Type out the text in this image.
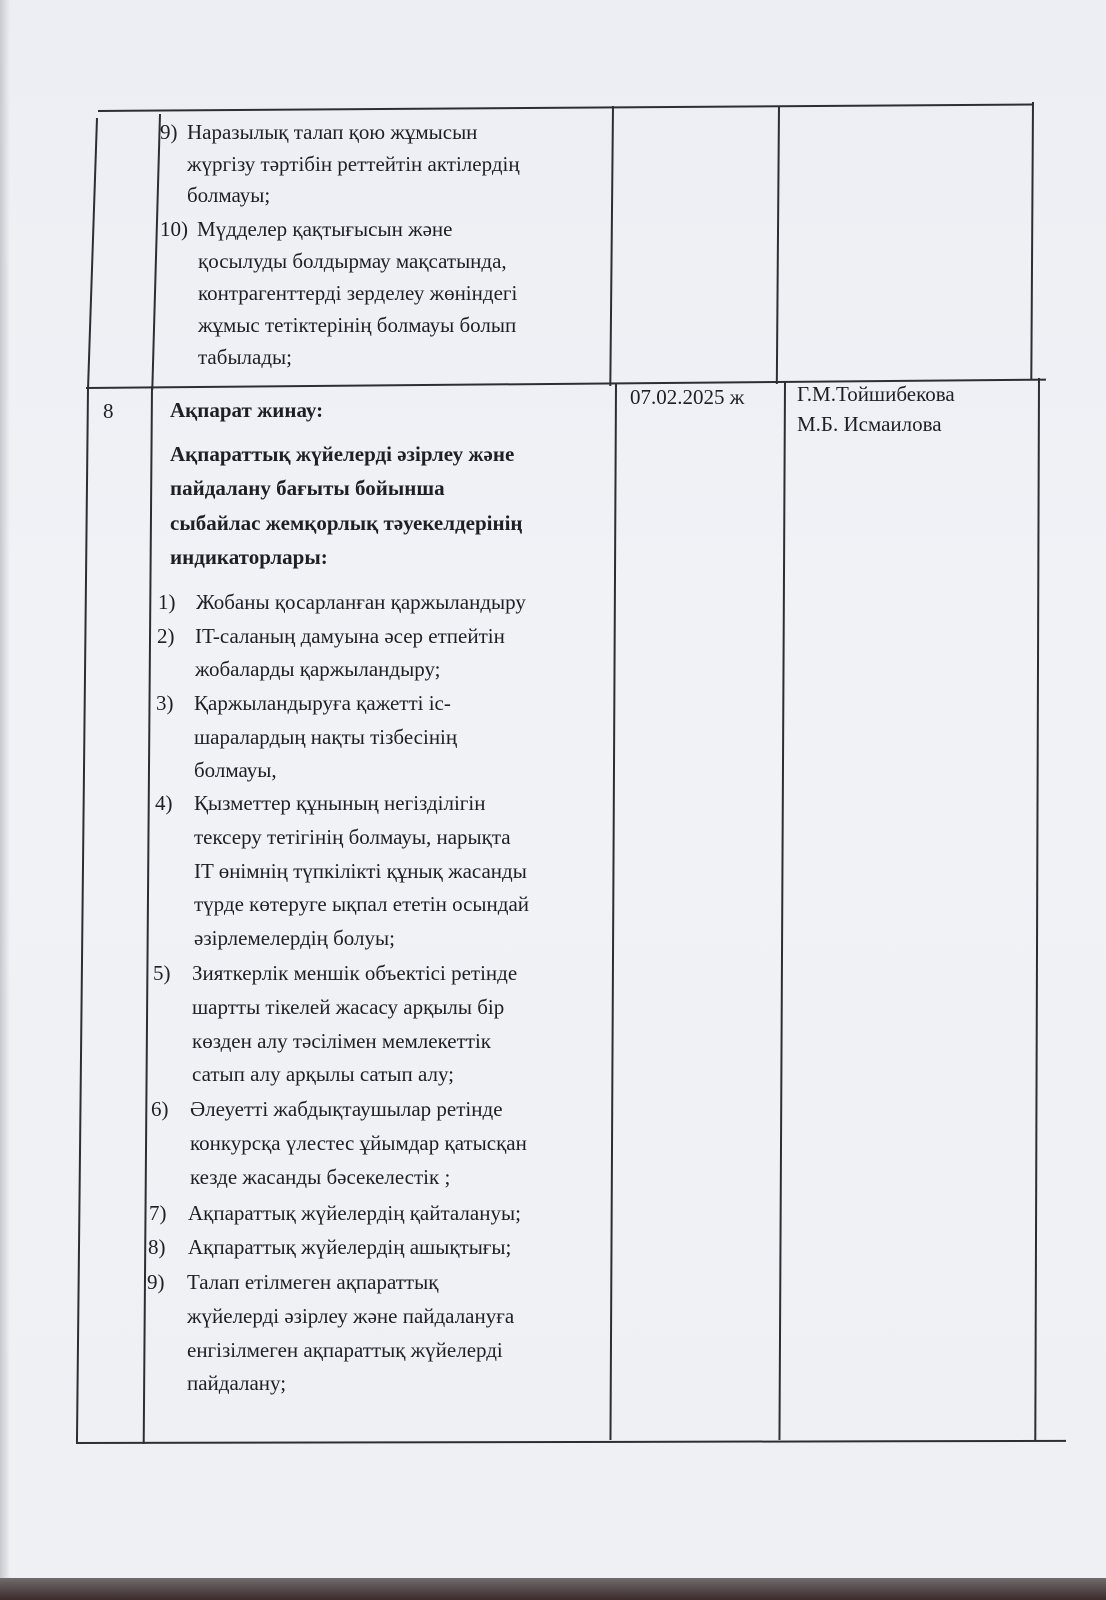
9) Наразылық талап қою жұмысын
жүргізу тәртібін реттейтін актілердің
болмауы;
10) Мүдделер қақтығысын және
қосылуды болдырмау мақсатында,
контрагенттерді зерделеу жөніндегі
жұмыс тетіктерінің болмауы болып
табылады;
8	Ақпарат жинау:
Ақпараттық жүйелерді әзірлеу және
пайдалану бағыты бойынша
сыбайлас жемқорлық тәуекелдерінің
индикаторлары:
1) Жобаны қосарланған қаржыландыру
2) IT-саланың дамуына әсер етпейтін
жобаларды қаржыландыру;
3) Қаржыландыруға қажетті іс-
шаралардың нақты тізбесінің
болмауы,
4) Қызметтер құнының негізділігін
тексеру тетігінің болмауы, нарықта
IT өнімнің түпкілікті құнық жасанды
түрде көтеруге ықпал ететін осындай
әзірлемелердің болуы;
5) Зияткерлік меншік объектісі ретінде
шартты тікелей жасасу арқылы бір
көзден алу тәсілімен мемлекеттік
сатып алу арқылы сатып алу;
6) Әлеуетті жабдықтаушылар ретінде
конкурсқа үлестес ұйымдар қатысқан
кезде жасанды бәсекелестік ;
7) Ақпараттық жүйелердің қайталануы;
8) Ақпараттық жүйелердің ашықтығы;
9) Талап етілмеген ақпараттық
жүйелерді әзірлеу және пайдалануға
енгізілмеген ақпараттық жүйелерді
пайдалану;
07.02.2025 ж	Г.М.Тойшибекова
М.Б. Исмаилова
